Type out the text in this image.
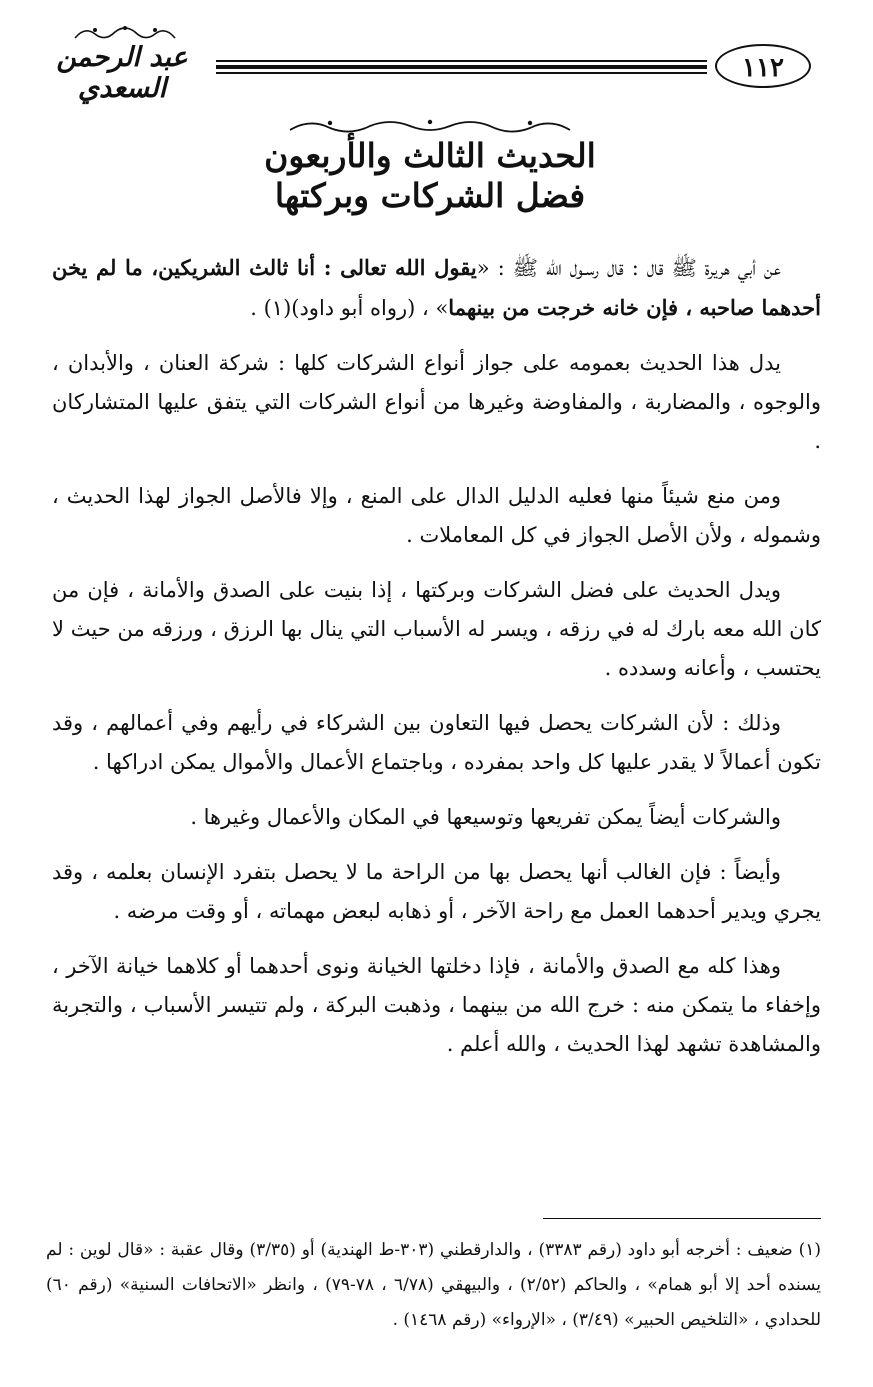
١١٢
عبد الرحمن السعدي
الحديث الثالث والأربعون
فضل الشركات وبركتها

عن أبي هريرة ﷺ قال : قال رسـول الله ﷺ : «يقول الله تعالى : أنا ثالث الشريكين، ما لم يخن أحدهما صاحبه ، فإن خانه خرجت من بينهما» ، (رواه أبو داود)(١) .

يدل هذا الحديث بعمومه على جواز أنواع الشركات كلها : شركة العنان ، والأبدان ، والوجوه ، والمضاربة ، والمفاوضة وغيرها من أنواع الشركات التي يتفق عليها المتشاركان .

ومن منع شيئاً منها فعليه الدليل الدال على المنع ، وإلا فالأصل الجواز لهذا الحديث ، وشموله ، ولأن الأصل الجواز في كل المعاملات .

ويدل الحديث على فضل الشركات وبركتها ، إذا بنيت على الصدق والأمانة ، فإن من كان الله معه بارك له في رزقه ، ويسر له الأسباب التي ينال بها الرزق ، ورزقه من حيث لا يحتسب ، وأعانه وسدده .

وذلك : لأن الشركات يحصل فيها التعاون بين الشركاء في رأيهم وفي أعمالهم ، وقد تكون أعمالاً لا يقدر عليها كل واحد بمفرده ، وباجتماع الأعمال والأموال يمكن ادراكها .

والشركات أيضاً يمكن تفريعها وتوسيعها في المكان والأعمال وغيرها .

وأيضاً : فإن الغالب أنها يحصل بها من الراحة ما لا يحصل بتفرد الإنسان بعلمه ، وقد يجري ويدير أحدهما العمل مع راحة الآخر ، أو ذهابه لبعض مهماته ، أو وقت مرضه .

وهذا كله مع الصدق والأمانة ، فإذا دخلتها الخيانة ونوى أحدهما أو كلاهما خيانة الآخر ، وإخفاء ما يتمكن منه : خرج الله من بينهما ، وذهبت البركة ، ولم تتيسر الأسباب ، والتجربة والمشاهدة تشهد لهذا الحديث ، والله أعلم .

(١) ضعيف : أخرجه أبو داود (رقم ٣٣٨٣) ، والدارقطني (٣٠٣-ط الهندية) أو (٣/٣٥) وقال عقبة : «قال لوين : لم يسنده أحد إلا أبو همام» ، والحاكم (٢/٥٢) ، والبيهقي (٦/٧٨ ، ٧٨-٧٩) ، وانظر «الاتحافات السنية» (رقم ٦٠) للحدادي ، «التلخيص الحبير» (٣/٤٩) ، «الإرواء» (رقم ١٤٦٨) .
